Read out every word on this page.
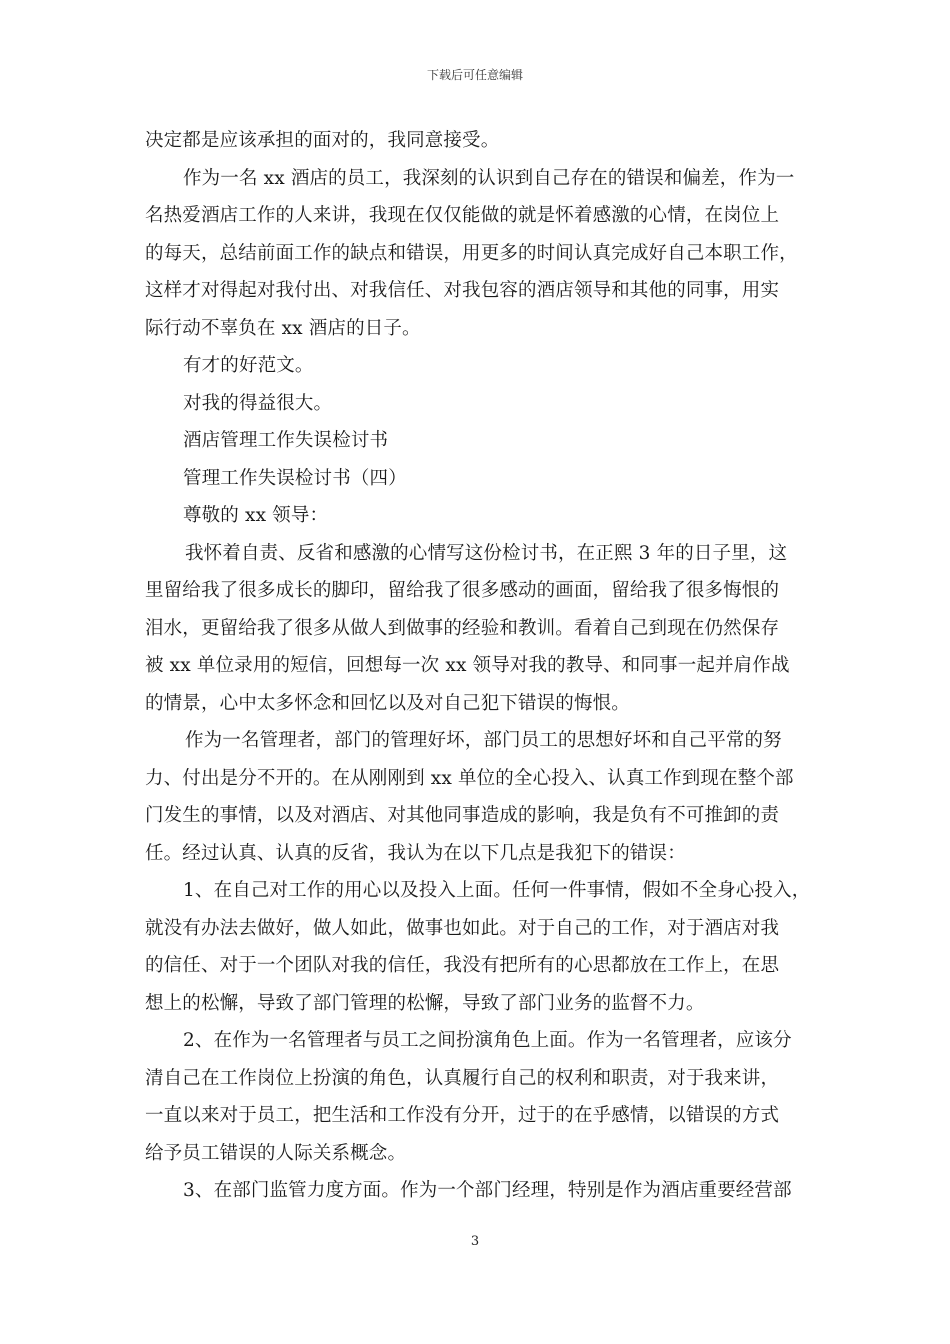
下载后可任意编辑
决定都是应该承担的面对的，我同意接受。
作为一名 xx 酒店的员工，我深刻的认识到自己存在的错误和偏差，作为一
名热爱酒店工作的人来讲，我现在仅仅能做的就是怀着感激的心情，在岗位上
的每天，总结前面工作的缺点和错误，用更多的时间认真完成好自己本职工作，
这样才对得起对我付出、对我信任、对我包容的酒店领导和其他的同事，用实
际行动不辜负在 xx 酒店的日子。
有才的好范文。
对我的得益很大。
酒店管理工作失误检讨书
管理工作失误检讨书（四）
尊敬的 xx 领导：
我怀着自责、反省和感激的心情写这份检讨书，在正熙 3 年的日子里，这
里留给我了很多成长的脚印，留给我了很多感动的画面，留给我了很多悔恨的
泪水，更留给我了很多从做人到做事的经验和教训。看着自己到现在仍然保存
被 xx 单位录用的短信，回想每一次 xx 领导对我的教导、和同事一起并肩作战
的情景，心中太多怀念和回忆以及对自己犯下错误的悔恨。
作为一名管理者，部门的管理好坏，部门员工的思想好坏和自己平常的努
力、付出是分不开的。在从刚刚到 xx 单位的全心投入、认真工作到现在整个部
门发生的事情，以及对酒店、对其他同事造成的影响，我是负有不可推卸的责
任。经过认真、认真的反省，我认为在以下几点是我犯下的错误：
1、在自己对工作的用心以及投入上面。任何一件事情，假如不全身心投入，
就没有办法去做好，做人如此，做事也如此。对于自己的工作，对于酒店对我
的信任、对于一个团队对我的信任，我没有把所有的心思都放在工作上，在思
想上的松懈，导致了部门管理的松懈，导致了部门业务的监督不力。
2、在作为一名管理者与员工之间扮演角色上面。作为一名管理者，应该分
清自己在工作岗位上扮演的角色，认真履行自己的权利和职责，对于我来讲，
一直以来对于员工，把生活和工作没有分开，过于的在乎感情，以错误的方式
给予员工错误的人际关系概念。
3、在部门监管力度方面。作为一个部门经理，特别是作为酒店重要经营部
3
